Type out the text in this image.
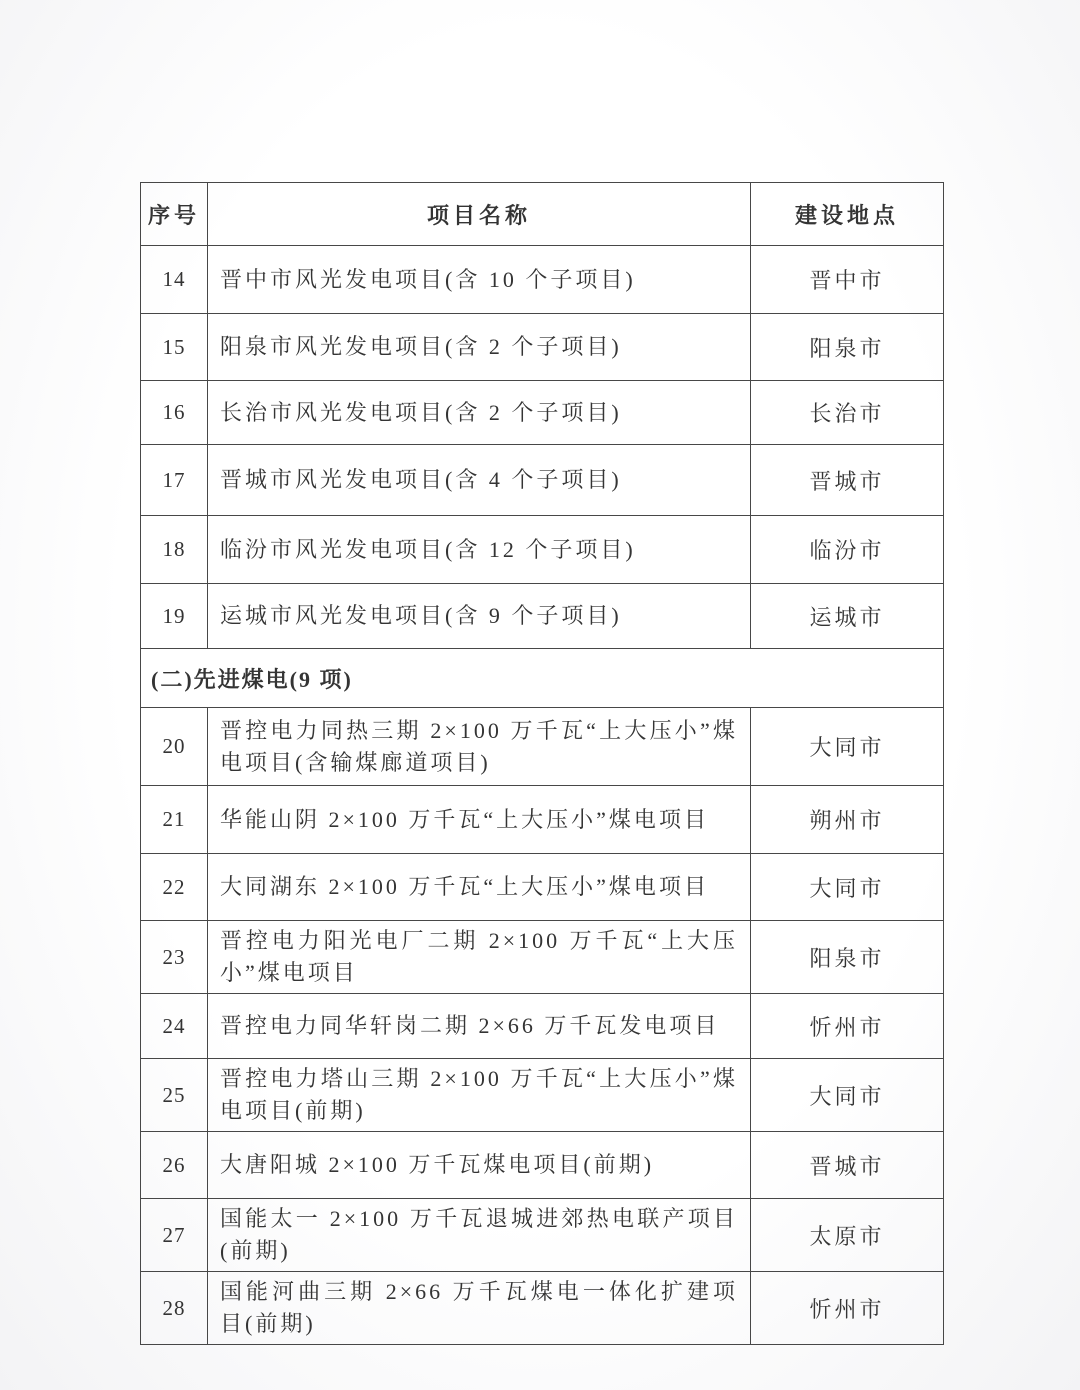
序号	项目名称	建设地点
14	晋中市风光发电项目(含 10 个子项目)	晋中市
15	阳泉市风光发电项目(含 2 个子项目)	阳泉市
16	长治市风光发电项目(含 2 个子项目)	长治市
17	晋城市风光发电项目(含 4 个子项目)	晋城市
18	临汾市风光发电项目(含 12 个子项目)	临汾市
19	运城市风光发电项目(含 9 个子项目)	运城市
(二)先进煤电(9 项)		
20	晋控电力同热三期 2×100 万千瓦“上大压小”煤电项目(含输煤廊道项目)	大同市
21	华能山阴 2×100 万千瓦“上大压小”煤电项目	朔州市
22	大同湖东 2×100 万千瓦“上大压小”煤电项目	大同市
23	晋控电力阳光电厂二期 2×100 万千瓦“上大压小”煤电项目	阳泉市
24	晋控电力同华轩岗二期 2×66 万千瓦发电项目	忻州市
25	晋控电力塔山三期 2×100 万千瓦“上大压小”煤电项目(前期)	大同市
26	大唐阳城 2×100 万千瓦煤电项目(前期)	晋城市
27	国能太一 2×100 万千瓦退城进郊热电联产项目(前期)	太原市
28	国能河曲三期 2×66 万千瓦煤电一体化扩建项目(前期)	忻州市
